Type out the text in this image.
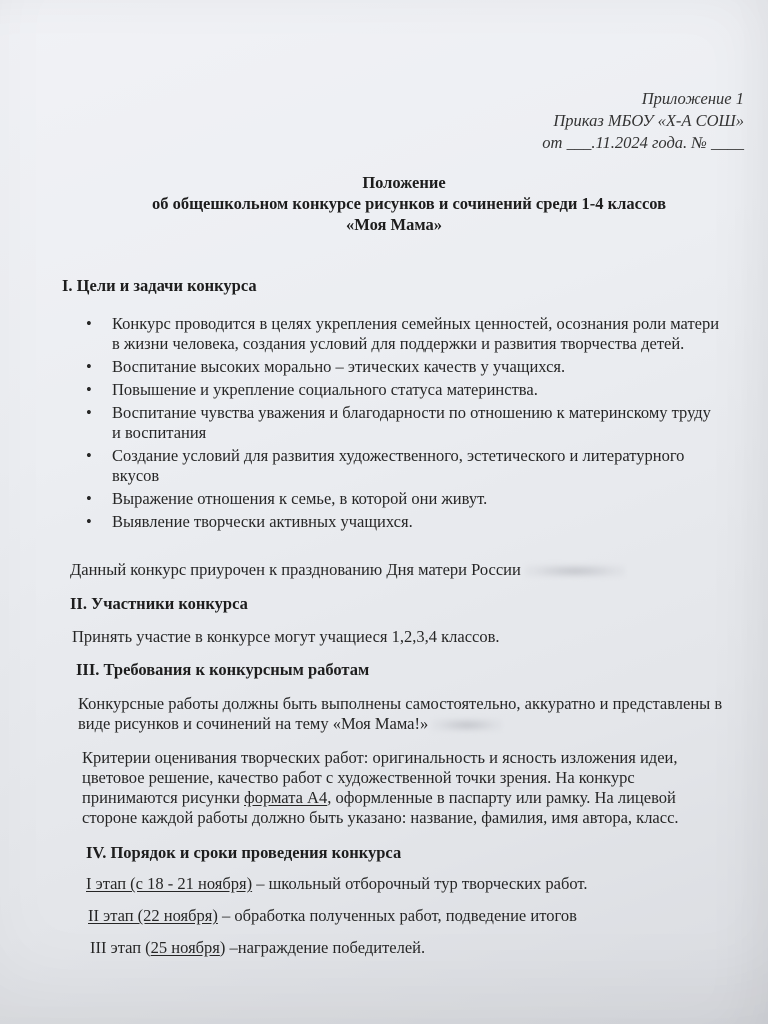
Приложение 1
Приказ МБОУ «Х-А СОШ»
от ___.11.2024 года. № ____
Положение
об общешкольном конкурсе рисунков и сочинений среди 1-4 классов
«Моя Мама»
I. Цели и задачи конкурса
• Конкурс проводится в целях укрепления семейных ценностей, осознания роли матери в жизни человека, создания условий для поддержки и развития творчества детей.
• Воспитание высоких морально – этических качеств у учащихся.
• Повышение и укрепление социального статуса материнства.
• Воспитание чувства уважения и благодарности по отношению к материнскому труду и воспитания
• Создание условий для развития художественного, эстетического и литературного вкусов
• Выражение отношения к семье, в которой они живут.
• Выявление творчески активных учащихся.
Данный конкурс приурочен к празднованию Дня матери России
II. Участники конкурса
Принять участие в конкурсе могут учащиеся 1,2,3,4 классов.
III. Требования к конкурсным работам
Конкурсные работы должны быть выполнены самостоятельно, аккуратно и представлены в виде рисунков и сочинений на тему «Моя Мама!»
Критерии оценивания творческих работ: оригинальность и ясность изложения идеи, цветовое решение, качество работ с художественной точки зрения. На конкурс принимаются рисунки формата А4, оформленные в паспарту или рамку. На лицевой стороне каждой работы должно быть указано: название, фамилия, имя автора, класс.
IV. Порядок и сроки проведения конкурса
I этап (с 18 - 21 ноября) – школьный отборочный тур творческих работ.
II этап (22 ноября) – обработка полученных работ, подведение итогов
III этап (25 ноября) –награждение победителей.
